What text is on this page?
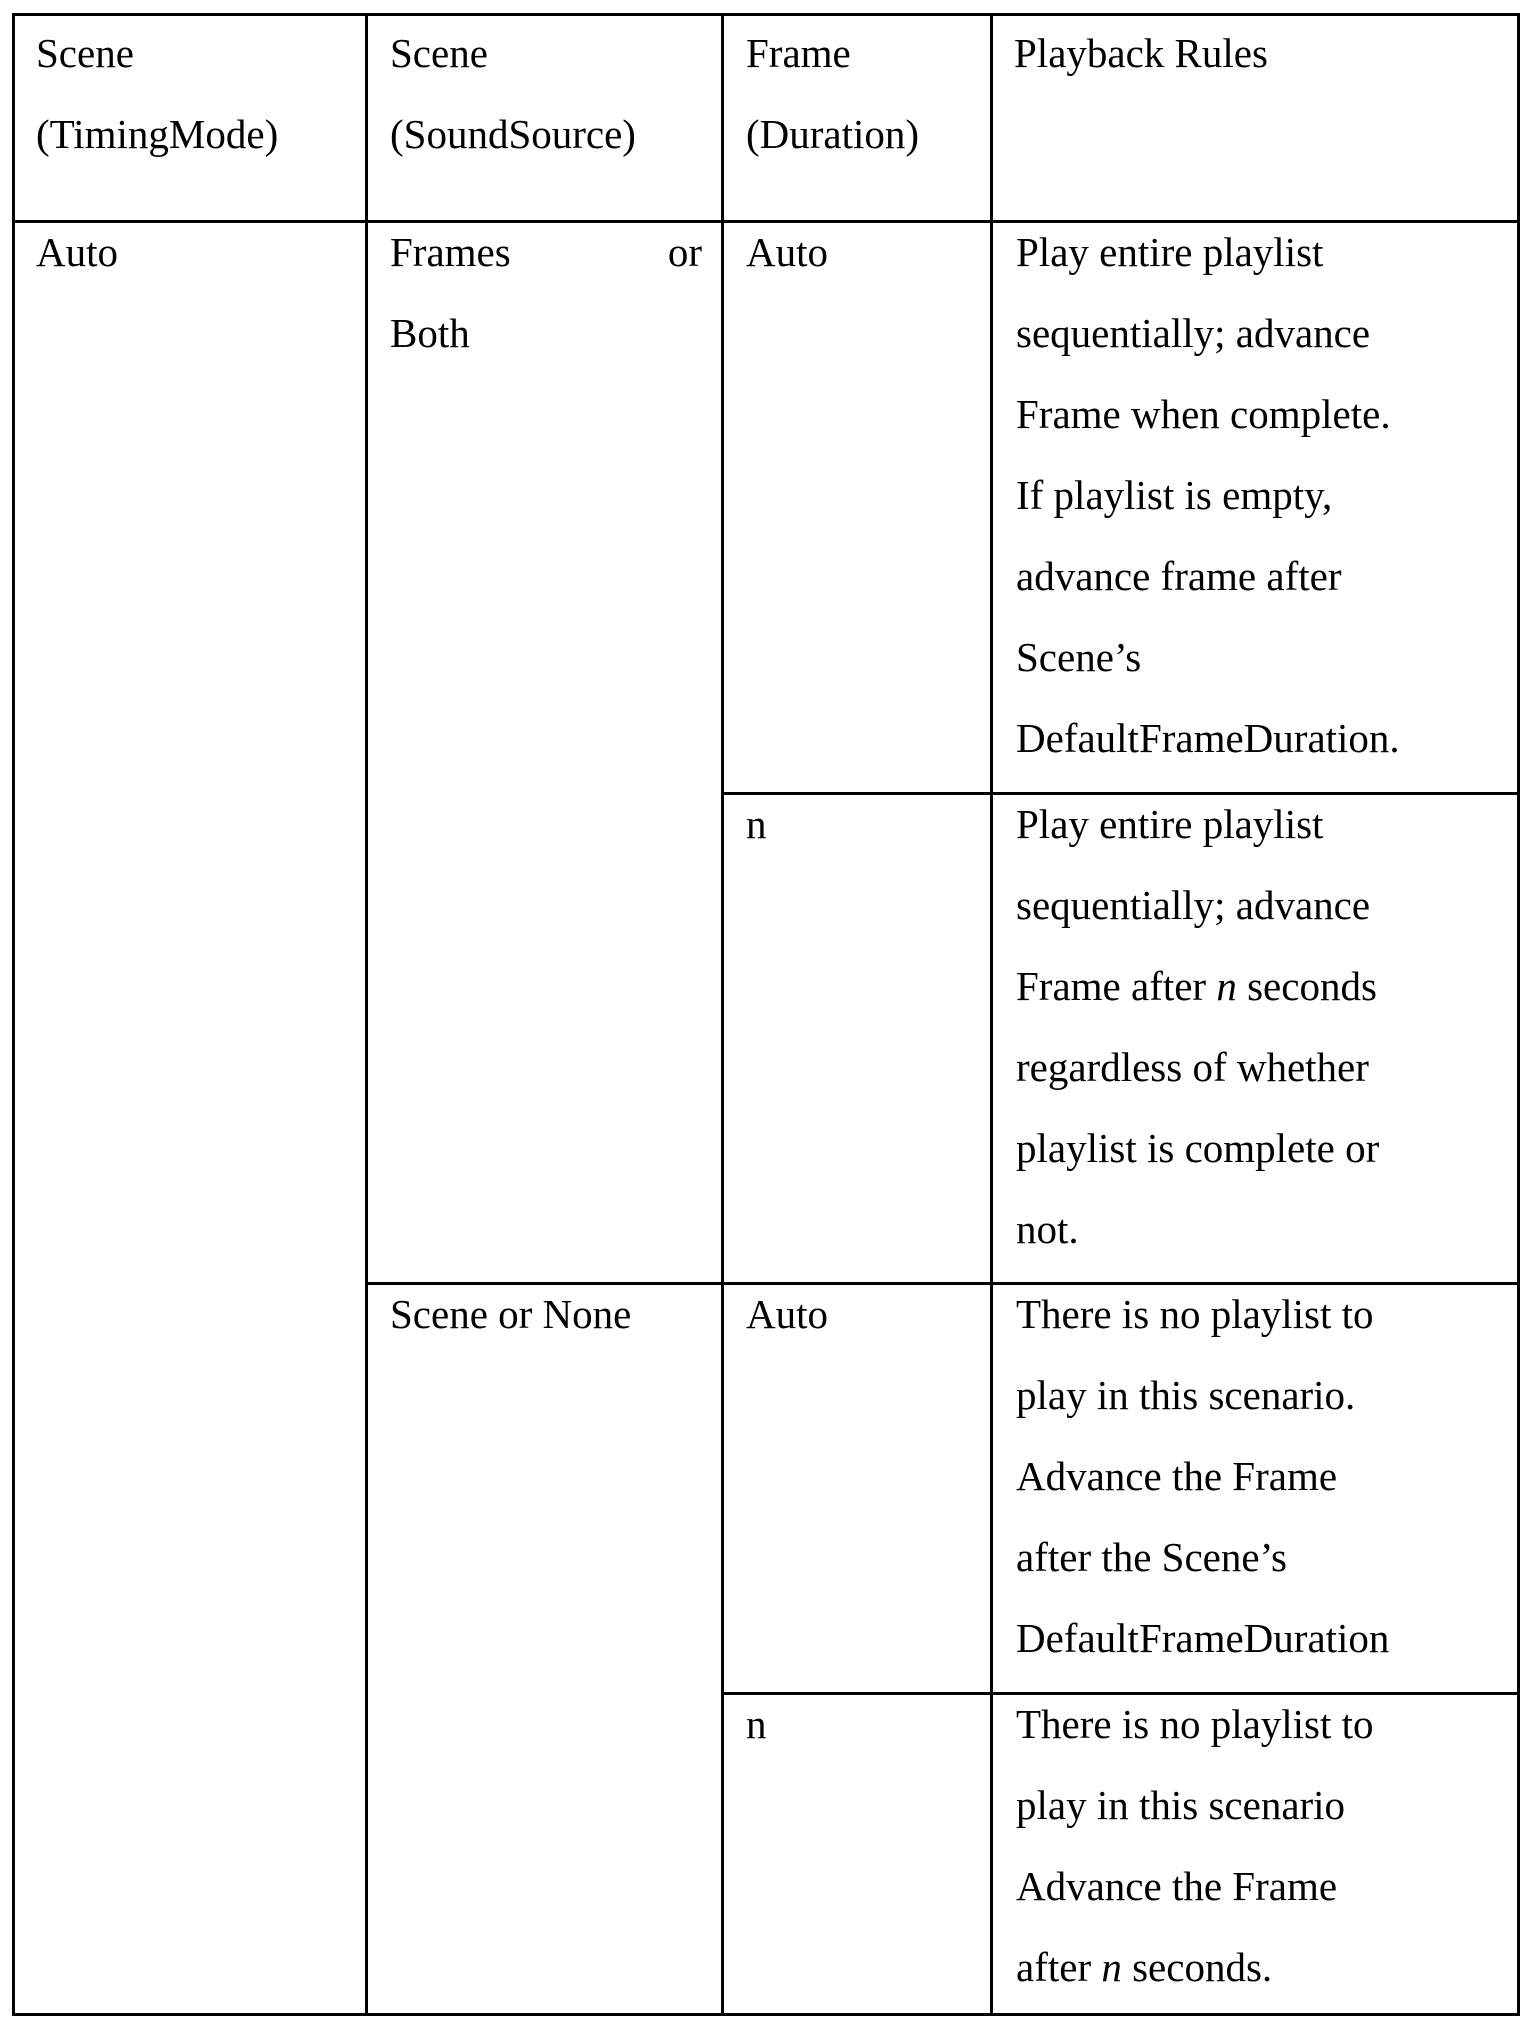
Scene
(TimingMode)
Scene
(SoundSource)
Frame
(Duration)
Playback Rules
Auto	Frames	or
Both
Scene or None
Auto
n
Auto
n
Play entire playlist
sequentially; advance
Frame when complete.
If playlist is empty,
advance frame after
Scene’s
DefaultFrameDuration.
Play entire playlist
sequentially; advance
Frame after n seconds
regardless of whether
playlist is complete or
not.
There is no playlist to
play in this scenario.
Advance the Frame
after the Scene’s
DefaultFrameDuration
There is no playlist to
play in this scenario
Advance the Frame
after n seconds.
